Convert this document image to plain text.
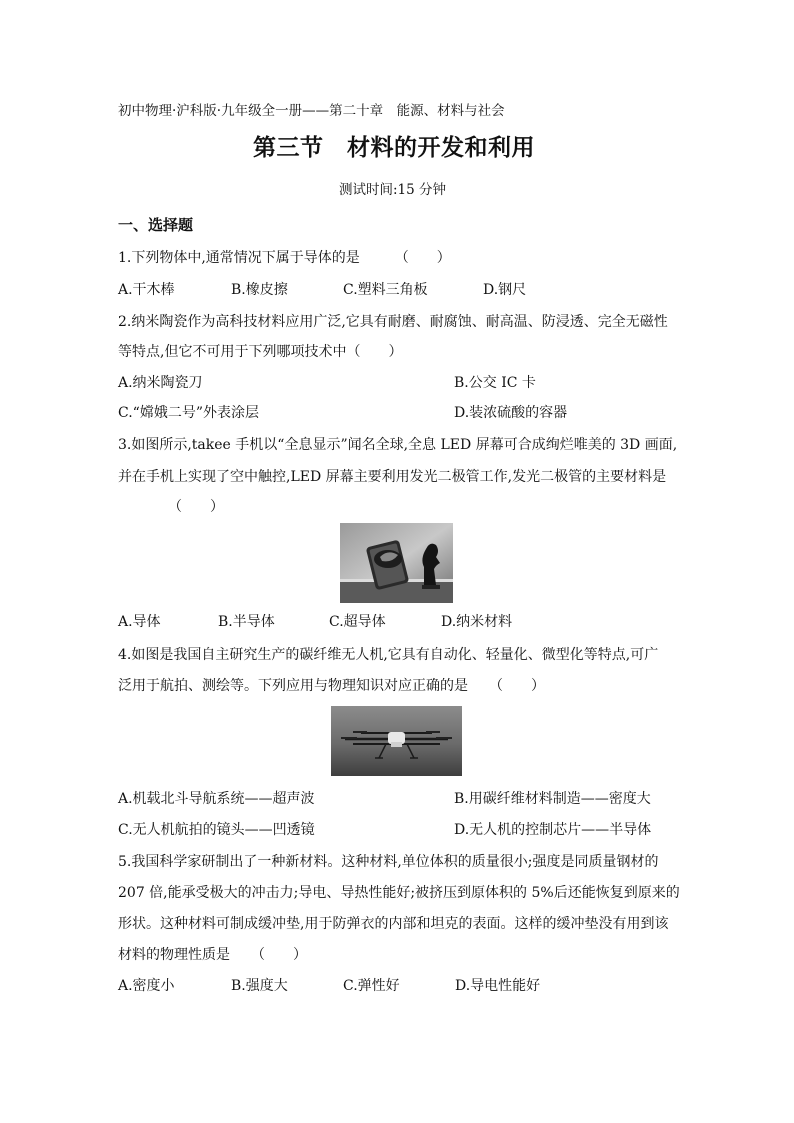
初中物理·沪科版·九年级全一册——第二十章　能源、材料与社会
第三节　材料的开发和利用
测试时间:15 分钟
一、选择题
1.下列物体中,通常情况下属于导体的是　　　（　　）
A.干木棒	B.橡皮擦	C.塑料三角板	D.钢尺
2.纳米陶瓷作为高科技材料应用广泛,它具有耐磨、耐腐蚀、耐高温、防浸透、完全无磁性
等特点,但它不可用于下列哪项技术中（　　）
A.纳米陶瓷刀	B.公交 IC 卡
C.“嫦娥二号”外表涂层	D.装浓硫酸的容器
3.如图所示,takee 手机以“全息显示”闻名全球,全息 LED 屏幕可合成绚烂唯美的 3D 画面,
并在手机上实现了空中触控,LED 屏幕主要利用发光二极管工作,发光二极管的主要材料是
（　　）
A.导体	B.半导体	C.超导体	D.纳米材料
4.如图是我国自主研究生产的碳纤维无人机,它具有自动化、轻量化、微型化等特点,可广
泛用于航拍、测绘等。下列应用与物理知识对应正确的是　　（　　）
A.机载北斗导航系统——超声波	B.用碳纤维材料制造——密度大
C.无人机航拍的镜头——凹透镜	D.无人机的控制芯片——半导体
5.我国科学家研制出了一种新材料。这种材料,单位体积的质量很小;强度是同质量钢材的
207 倍,能承受极大的冲击力;导电、导热性能好;被挤压到原体积的 5%后还能恢复到原来的
形状。这种材料可制成缓冲垫,用于防弹衣的内部和坦克的表面。这样的缓冲垫没有用到该
材料的物理性质是　　（　　）
A.密度小	B.强度大	C.弹性好	D.导电性能好
